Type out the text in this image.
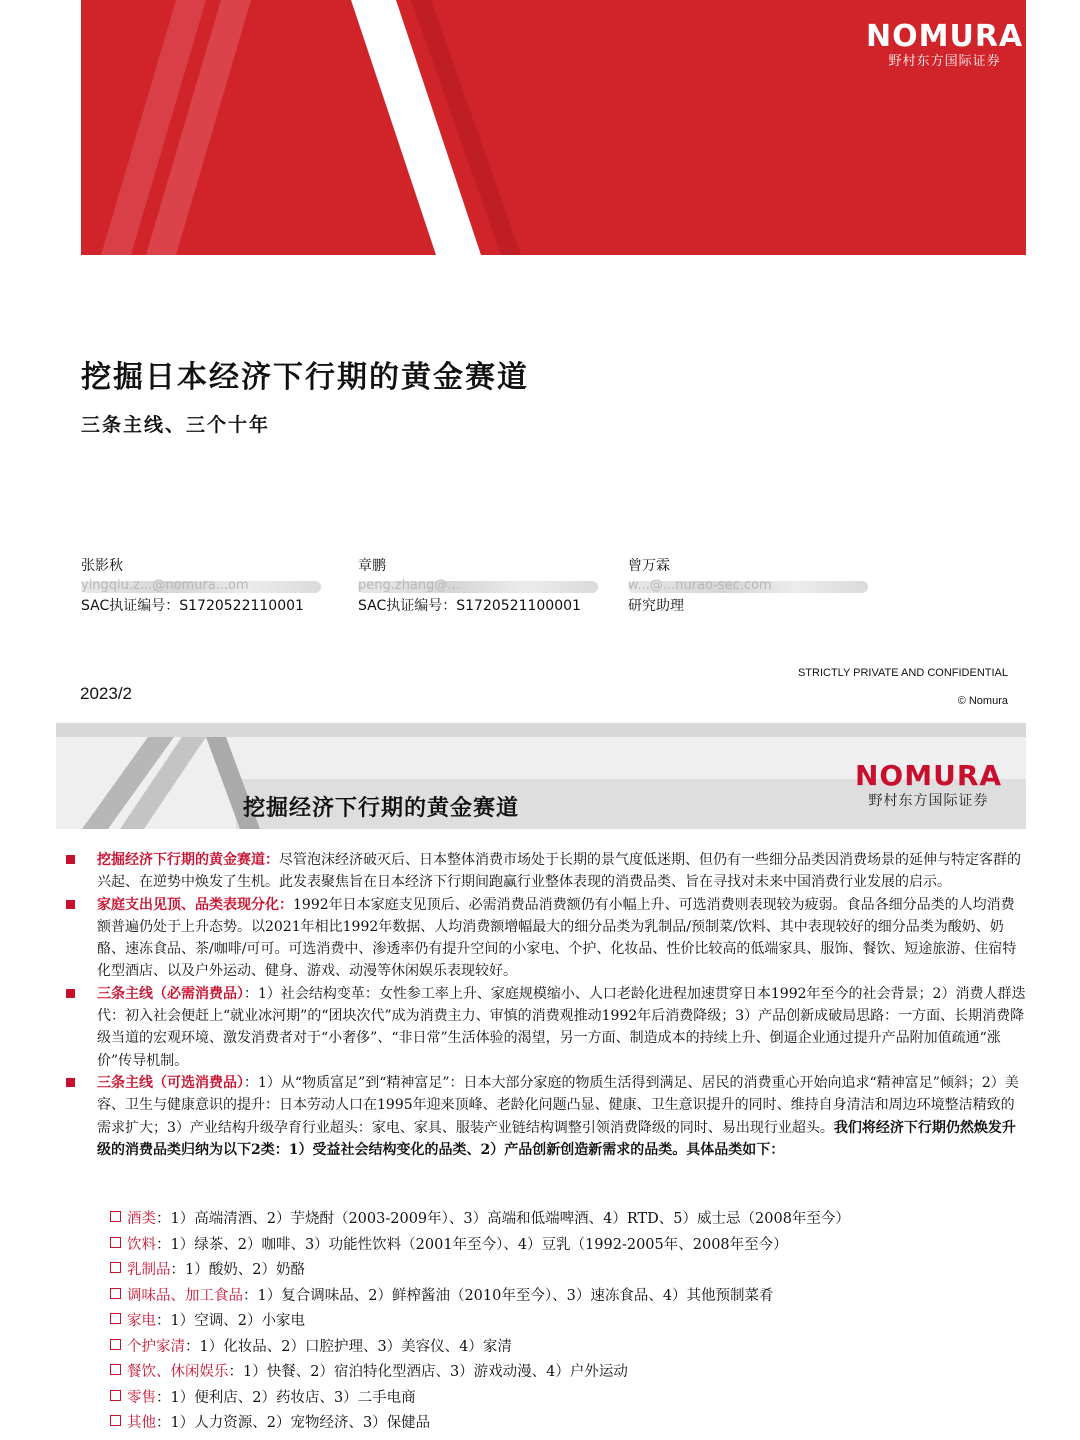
NOMURA
野村东方国际证券
挖掘日本经济下行期的黄金赛道
三条主线、三个十年
张影秋
yingqiu.z...@nomura...om
SAC执证编号：S1720522110001
章鹏
peng.zhang@...
SAC执证编号：S1720521100001
曾万霖
w...@...nurao-sec.com
研究助理
2023/2
STRICTLY PRIVATE AND CONFIDENTIAL
© Nomura
挖掘经济下行期的黄金赛道
NOMURA
野村东方国际证券
挖掘经济下行期的黄金赛道：尽管泡沫经济破灭后、日本整体消费市场处于长期的景气度低迷期、但仍有一些细分品类因消费场景的延伸与特定客群的兴起、在逆势中焕发了生机。此发表聚焦旨在日本经济下行期间跑赢行业整体表现的消费品类、旨在寻找对未来中国消费行业发展的启示。
家庭支出见顶、品类表现分化：1992年日本家庭支见顶后、必需消费品消费额仍有小幅上升、可选消费则表现较为疲弱。食品各细分品类的人均消费额普遍仍处于上升态势。以2021年相比1992年数据、人均消费额增幅最大的细分品类为乳制品/预制菜/饮料、其中表现较好的细分品类为酸奶、奶酪、速冻食品、茶/咖啡/可可。可选消费中、渗透率仍有提升空间的小家电、个护、化妆品、性价比较高的低端家具、服饰、餐饮、短途旅游、住宿特化型酒店、以及户外运动、健身、游戏、动漫等休闲娱乐表现较好。
三条主线（必需消费品）：1）社会结构变革：女性参工率上升、家庭规模缩小、人口老龄化进程加速贯穿日本1992年至今的社会背景；2）消费人群迭代：初入社会便赶上“就业冰河期”的“团块次代”成为消费主力、审慎的消费观推动1992年后消费降级；3）产品创新成破局思路：一方面、长期消费降级当道的宏观环境、激发消费者对于“小奢侈”、“非日常”生活体验的渴望，另一方面、制造成本的持续上升、倒逼企业通过提升产品附加值疏通“涨价”传导机制。
三条主线（可选消费品）：1）从“物质富足”到“精神富足”：日本大部分家庭的物质生活得到满足、居民的消费重心开始向追求“精神富足”倾斜；2）美容、卫生与健康意识的提升：日本劳动人口在1995年迎来顶峰、老龄化问题凸显、健康、卫生意识提升的同时、维持自身清洁和周边环境整洁精致的需求扩大；3）产业结构升级孕育行业超头：家电、家具、服装产业链结构调整引领消费降级的同时、易出现行业超头。我们将经济下行期仍然焕发升级的消费品类归纳为以下2类：1）受益社会结构变化的品类、2）产品创新创造新需求的品类。具体品类如下：
酒类：1）高端清酒、2）芋烧酎（2003-2009年）、3）高端和低端啤酒、4）RTD、5）威士忌（2008年至今）
饮料：1）绿茶、2）咖啡、3）功能性饮料（2001年至今）、4）豆乳（1992-2005年、2008年至今）
乳制品：1）酸奶、2）奶酪
调味品、加工食品：1）复合调味品、2）鲜榨酱油（2010年至今）、3）速冻食品、4）其他预制菜肴
家电：1）空调、2）小家电
个护家清：1）化妆品、2）口腔护理、3）美容仪、4）家清
餐饮、休闲娱乐：1）快餐、2）宿泊特化型酒店、3）游戏动漫、4）户外运动
零售：1）便利店、2）药妆店、3）二手电商
其他：1）人力资源、2）宠物经济、3）保健品
